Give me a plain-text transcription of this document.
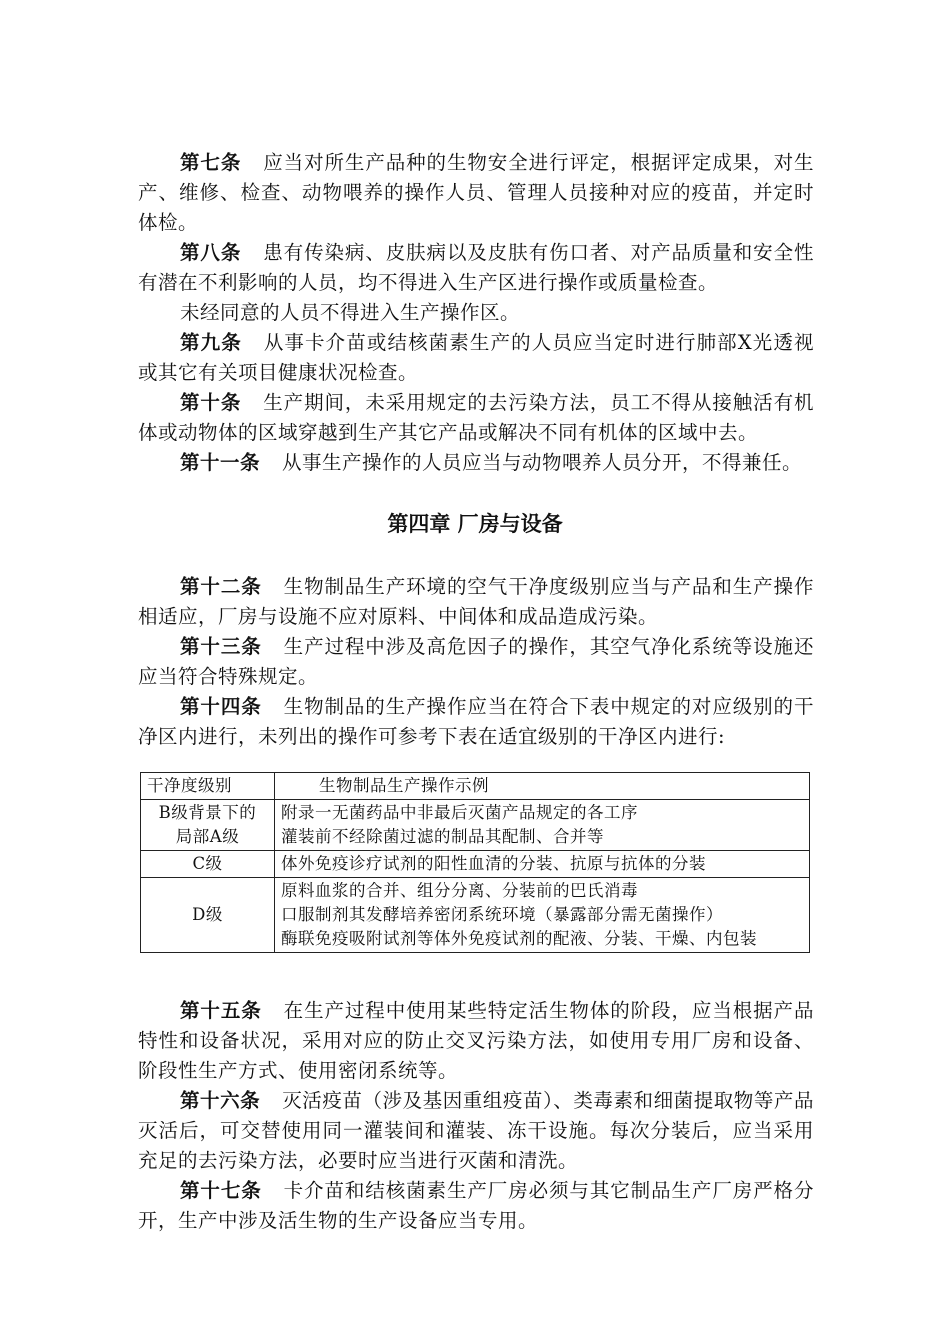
第七条 应当对所生产品种的生物安全进行评定，根据评定成果，对生产、维修、检查、动物喂养的操作人员、管理人员接种对应的疫苗，并定时体检。

第八条 患有传染病、皮肤病以及皮肤有伤口者、对产品质量和安全性有潜在不利影响的人员，均不得进入生产区进行操作或质量检查。

未经同意的人员不得进入生产操作区。

第九条 从事卡介苗或结核菌素生产的人员应当定时进行肺部X光透视或其它有关项目健康状况检查。

第十条 生产期间，未采用规定的去污染方法，员工不得从接触活有机体或动物体的区域穿越到生产其它产品或解决不同有机体的区域中去。

第十一条 从事生产操作的人员应当与动物喂养人员分开，不得兼任。

第四章 厂房与设备

第十二条 生物制品生产环境的空气干净度级别应当与产品和生产操作相适应，厂房与设施不应对原料、中间体和成品造成污染。

第十三条 生产过程中涉及高危因子的操作，其空气净化系统等设施还应当符合特殊规定。

第十四条 生物制品的生产操作应当在符合下表中规定的对应级别的干净区内进行，未列出的操作可参考下表在适宜级别的干净区内进行:

干净度级别	生物制品生产操作示例

B级背景下的
局部A级	附录一无菌药品中非最后灭菌产品规定的各工序
灌装前不经除菌过滤的制品其配制、合并等

C级	体外免疫诊疗试剂的阳性血清的分装、抗原与抗体的分装

D级	原料血浆的合并、组分分离、分装前的巴氏消毒
口服制剂其发酵培养密闭系统环境（暴露部分需无菌操作）
酶联免疫吸附试剂等体外免疫试剂的配液、分装、干燥、内包装

第十五条 在生产过程中使用某些特定活生物体的阶段，应当根据产品特性和设备状况，采用对应的防止交叉污染方法，如使用专用厂房和设备、阶段性生产方式、使用密闭系统等。

第十六条 灭活疫苗（涉及基因重组疫苗）、类毒素和细菌提取物等产品灭活后，可交替使用同一灌装间和灌装、冻干设施。每次分装后，应当采用充足的去污染方法，必要时应当进行灭菌和清洗。

第十七条 卡介苗和结核菌素生产厂房必须与其它制品生产厂房严格分开，生产中涉及活生物的生产设备应当专用。
